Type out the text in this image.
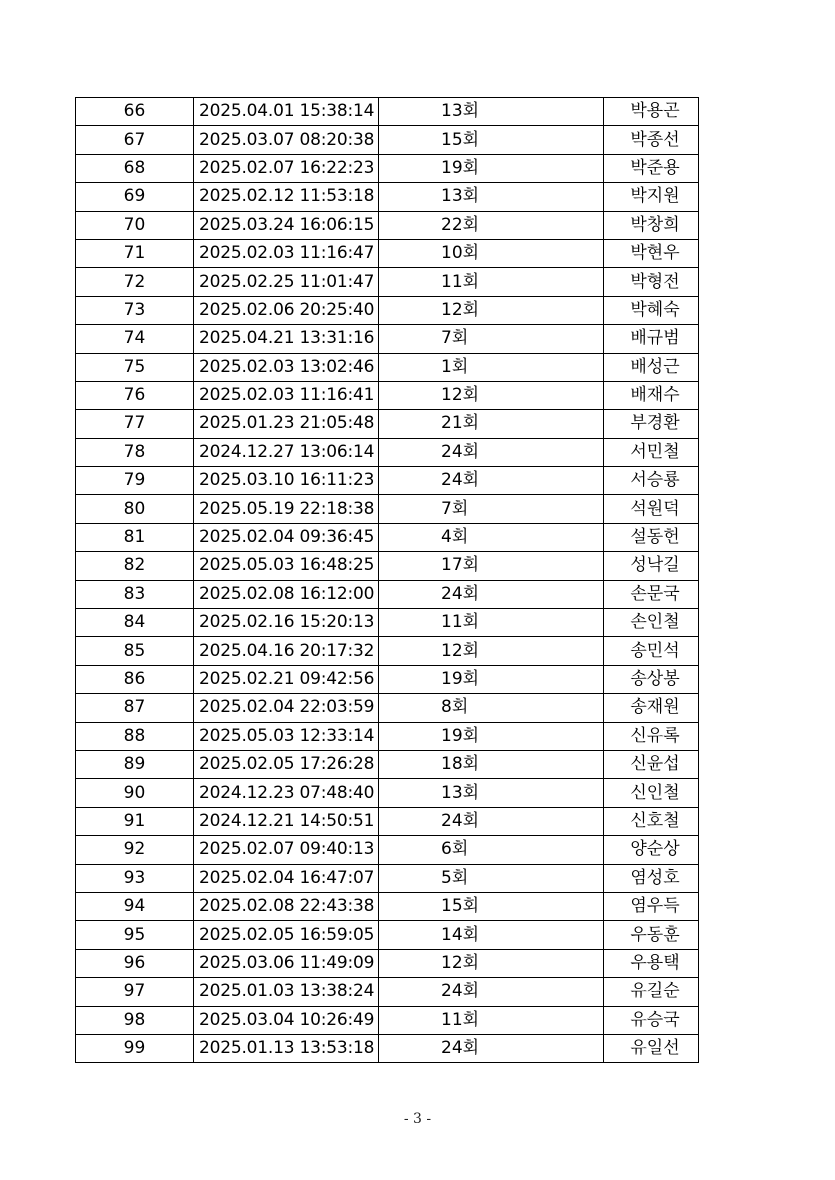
66	2025.04.01 15:38:14	13회	박용곤
67	2025.03.07 08:20:38	15회	박종선
68	2025.02.07 16:22:23	19회	박준용
69	2025.02.12 11:53:18	13회	박지원
70	2025.03.24 16:06:15	22회	박창희
71	2025.02.03 11:16:47	10회	박현우
72	2025.02.25 11:01:47	11회	박형전
73	2025.02.06 20:25:40	12회	박혜숙
74	2025.04.21 13:31:16	7회	배규범
75	2025.02.03 13:02:46	1회	배성근
76	2025.02.03 11:16:41	12회	배재수
77	2025.01.23 21:05:48	21회	부경환
78	2024.12.27 13:06:14	24회	서민철
79	2025.03.10 16:11:23	24회	서승룡
80	2025.05.19 22:18:38	7회	석원덕
81	2025.02.04 09:36:45	4회	설동헌
82	2025.05.03 16:48:25	17회	성낙길
83	2025.02.08 16:12:00	24회	손문국
84	2025.02.16 15:20:13	11회	손인철
85	2025.04.16 20:17:32	12회	송민석
86	2025.02.21 09:42:56	19회	송상봉
87	2025.02.04 22:03:59	8회	송재원
88	2025.05.03 12:33:14	19회	신유록
89	2025.02.05 17:26:28	18회	신윤섭
90	2024.12.23 07:48:40	13회	신인철
91	2024.12.21 14:50:51	24회	신호철
92	2025.02.07 09:40:13	6회	양순상
93	2025.02.04 16:47:07	5회	염성호
94	2025.02.08 22:43:38	15회	염우득
95	2025.02.05 16:59:05	14회	우동훈
96	2025.03.06 11:49:09	12회	우용택
97	2025.01.03 13:38:24	24회	유길순
98	2025.03.04 10:26:49	11회	유승국
99	2025.01.13 13:53:18	24회	유일선
- 3 -
